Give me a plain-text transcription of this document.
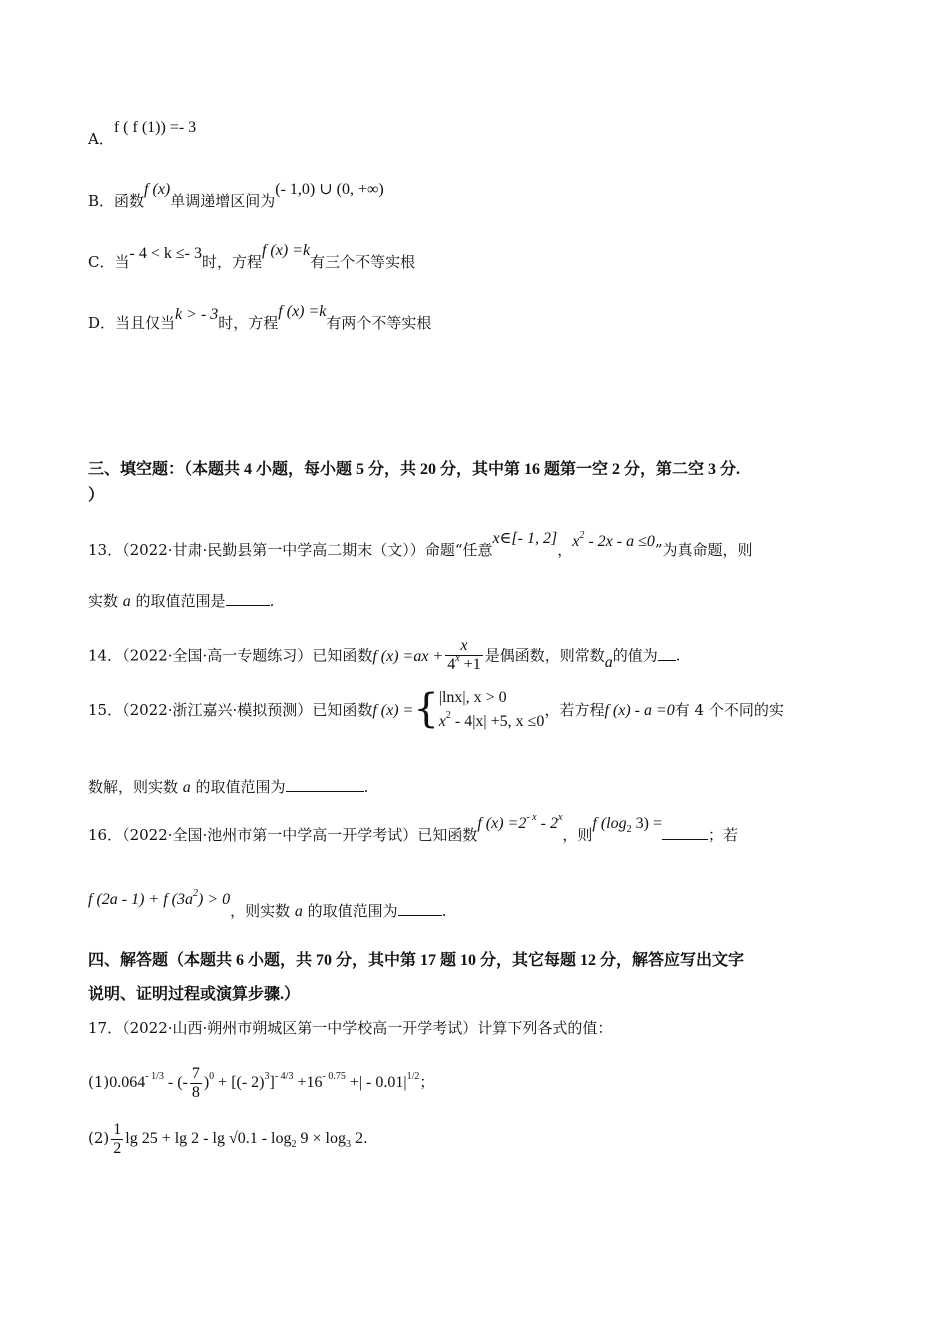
A．f ( f (1)) =- 3
B．函数f (x)单调递增区间为(- 1,0) ∪ (0, +∞)
C．当- 4 < k ≤- 3时，方程f (x) =k有三个不等实根
D．当且仅当k > - 3时，方程f (x) =k有两个不等实根
三、填空题：（本题共 4 小题，每小题 5 分，共 20 分，其中第 16 题第一空 2 分，第二空 3 分.
）
13．（2022·甘肃·民勤县第一中学高二期末（文））命题“任意x∈[- 1, 2]，$x^2 - 2x - a \le 0$”为真命题，则
实数 a 的取值范围是	.
14．（2022·全国·高一专题练习）已知函数f $(x) =ax + \frac{x}{4^x +1}$ 是偶函数，则常数a的值为 .
15．（2022·浙江嘉兴·模拟预测）已知函数f (x) ={ |lnx|, x > 0
$x^2 - 4|x| +5$, x ≤0
，若方程f (x) - a =0有 4 个不同的实
数解，则实数 a 的取值范围为	.
16．（2022·全国·池州市第一中学高一开学考试）已知函数f $(x) =2^{- x} - 2^x$，则f ($\log_2$ 3) =；若
f (2a - 1) + f $(3a^2) > 0$，则实数 a 的取值范围为	.
四、解答题（本题共 6 小题，共 70 分，其中第 17 题 10 分，其它每题 12 分，解答应写出文字
说明、证明过程或演算步骤.）
17．（2022·山西·朔州市朔城区第一中学校高一开学考试）计算下列各式的值：
$(1)0.064^{- 1/3}$ - (- $\frac{7}{8} )^0$ + [(- $2)^3]^{- 4/3} +16^{- 0.75}$ +| - $0.01|^{1/2}$；
$(2) \frac{1}{2}$ $\lg 25 + \lg 2 - \lg √0.1 - \log_2 9 \times \log_3 2$.
